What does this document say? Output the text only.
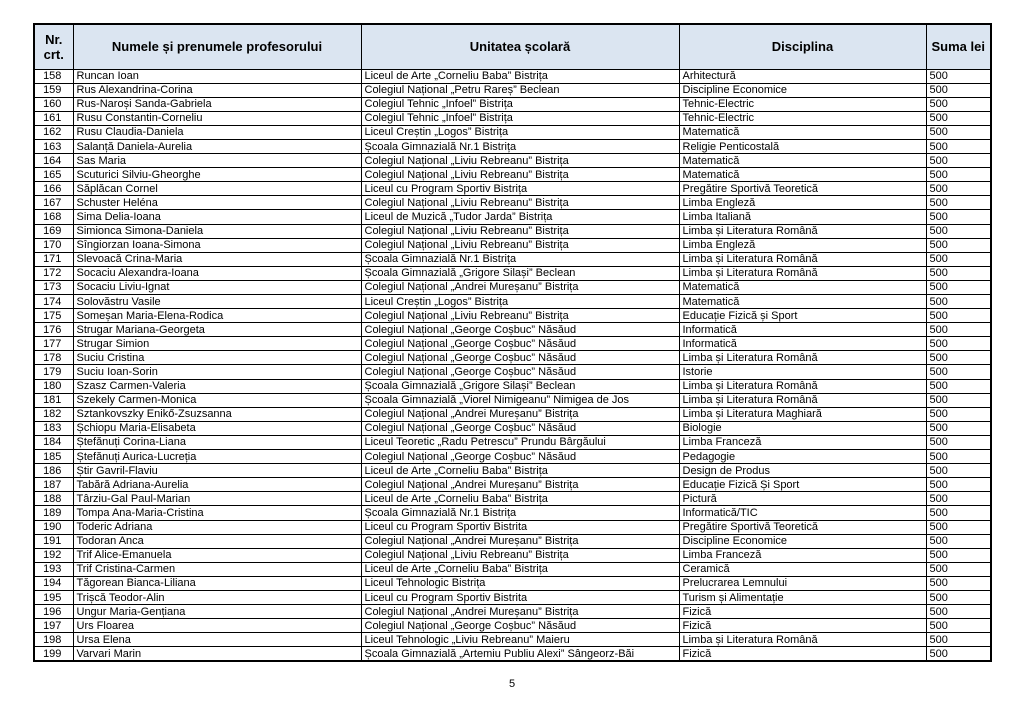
Nr. crt.	Numele și prenumele profesorului	Unitatea școlară	Disciplina	Suma lei
158	Runcan Ioan	Liceul de Arte „Corneliu Baba” Bistrița	Arhitectură	500
159	Rus Alexandrina-Corina	Colegiul Național „Petru Rareș” Beclean	Discipline Economice	500
160	Rus-Naroși Sanda-Gabriela	Colegiul Tehnic „Infoel” Bistrița	Tehnic-Electric	500
161	Rusu Constantin-Corneliu	Colegiul Tehnic „Infoel” Bistrița	Tehnic-Electric	500
162	Rusu Claudia-Daniela	Liceul Creștin „Logos” Bistrița	Matematică	500
163	Salanță Daniela-Aurelia	Școala Gimnazială Nr.1 Bistrița	Religie Penticostală	500
164	Sas Maria	Colegiul Național „Liviu Rebreanu” Bistrița	Matematică	500
165	Scuturici Silviu-Gheorghe	Colegiul Național „Liviu Rebreanu” Bistrița	Matematică	500
166	Săplăcan Cornel	Liceul cu Program Sportiv Bistrița	Pregătire Sportivă Teoretică	500
167	Schuster Heléna	Colegiul Național „Liviu Rebreanu” Bistrița	Limba Engleză	500
168	Sima Delia-Ioana	Liceul de Muzică „Tudor Jarda” Bistrița	Limba Italiană	500
169	Simionca Simona-Daniela	Colegiul Național „Liviu Rebreanu” Bistrița	Limba și Literatura Română	500
170	Sîngiorzan Ioana-Simona	Colegiul Național „Liviu Rebreanu” Bistrița	Limba Engleză	500
171	Slevoacă Crina-Maria	Școala Gimnazială Nr.1 Bistrița	Limba și Literatura Română	500
172	Socaciu Alexandra-Ioana	Școala Gimnazială „Grigore Silași” Beclean	Limba și Literatura Română	500
173	Socaciu Liviu-Ignat	Colegiul Național „Andrei Mureșanu” Bistrița	Matematică	500
174	Solovăstru Vasile	Liceul Creștin „Logos” Bistrița	Matematică	500
175	Someșan Maria-Elena-Rodica	Colegiul Național „Liviu Rebreanu” Bistrița	Educație Fizică și Sport	500
176	Strugar Mariana-Georgeta	Colegiul Național „George Coșbuc” Năsăud	Informatică	500
177	Strugar Simion	Colegiul Național „George Coșbuc” Năsăud	Informatică	500
178	Suciu Cristina	Colegiul Național „George Coșbuc” Năsăud	Limba și Literatura Română	500
179	Suciu Ioan-Sorin	Colegiul Național „George Coșbuc” Năsăud	Istorie	500
180	Szasz Carmen-Valeria	Școala Gimnazială „Grigore Silași” Beclean	Limba și Literatura Română	500
181	Szekely Carmen-Monica	Școala Gimnazială „Viorel Nimigeanu” Nimigea de Jos	Limba și Literatura Română	500
182	Sztankovszky Enikő-Zsuzsanna	Colegiul Național „Andrei Mureșanu” Bistrița	Limba și Literatura Maghiară	500
183	Șchiopu Maria-Elisabeta	Colegiul Național „George Coșbuc” Năsăud	Biologie	500
184	Ștefănuți Corina-Liana	Liceul Teoretic „Radu Petrescu” Prundu Bârgăului	Limba Franceză	500
185	Ștefănuți Aurica-Lucreția	Colegiul Național „George Coșbuc” Năsăud	Pedagogie	500
186	Știr Gavril-Flaviu	Liceul de Arte „Corneliu Baba” Bistrița	Design de Produs	500
187	Tabără Adriana-Aurelia	Colegiul Național „Andrei Mureșanu” Bistrița	Educație Fizică Și Sport	500
188	Târziu-Gal Paul-Marian	Liceul de Arte „Corneliu Baba” Bistrița	Pictură	500
189	Tompa Ana-Maria-Cristina	Școala Gimnazială Nr.1 Bistrița	Informatică/TIC	500
190	Toderic Adriana	Liceul cu Program Sportiv Bistrita	Pregătire Sportivă Teoretică	500
191	Todoran Anca	Colegiul Național „Andrei Mureșanu” Bistrița	Discipline Economice	500
192	Trif Alice-Emanuela	Colegiul Național „Liviu Rebreanu” Bistrița	Limba Franceză	500
193	Trif Cristina-Carmen	Liceul de Arte „Corneliu Baba” Bistrița	Ceramică	500
194	Tăgorean Bianca-Liliana	Liceul Tehnologic Bistrița	Prelucrarea Lemnului	500
195	Trișcă Teodor-Alin	Liceul cu Program Sportiv Bistrita	Turism și Alimentație	500
196	Ungur Maria-Gențiana	Colegiul Național „Andrei Mureșanu” Bistrița	Fizică	500
197	Urs Floarea	Colegiul Național „George Coșbuc” Năsăud	Fizică	500
198	Ursa Elena	Liceul Tehnologic „Liviu Rebreanu” Maieru	Limba și Literatura Română	500
199	Varvari Marin	Școala Gimnazială „Artemiu Publiu Alexi” Sângeorz-Băi	Fizică	500
5
